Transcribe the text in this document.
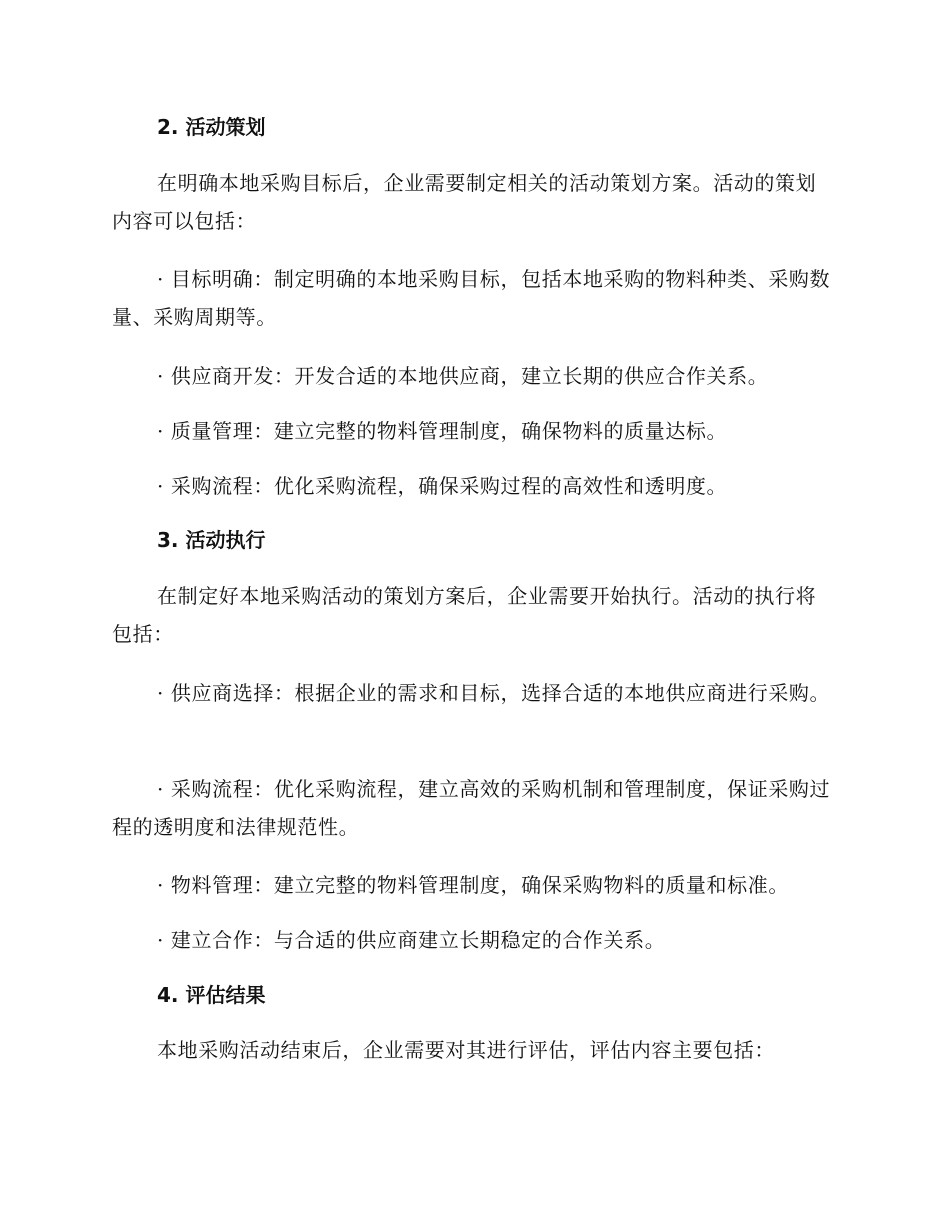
2. 活动策划

在明确本地采购目标后，企业需要制定相关的活动策划方案。活动的策划内容可以包括：

· 目标明确：制定明确的本地采购目标，包括本地采购的物料种类、采购数量、采购周期等。

· 供应商开发：开发合适的本地供应商，建立长期的供应合作关系。

· 质量管理：建立完整的物料管理制度，确保物料的质量达标。

· 采购流程：优化采购流程，确保采购过程的高效性和透明度。

3. 活动执行

在制定好本地采购活动的策划方案后，企业需要开始执行。活动的执行将包括：

· 供应商选择：根据企业的需求和目标，选择合适的本地供应商进行采购。

· 采购流程：优化采购流程，建立高效的采购机制和管理制度，保证采购过程的透明度和法律规范性。

· 物料管理：建立完整的物料管理制度，确保采购物料的质量和标准。

· 建立合作：与合适的供应商建立长期稳定的合作关系。

4. 评估结果

本地采购活动结束后，企业需要对其进行评估，评估内容主要包括：
